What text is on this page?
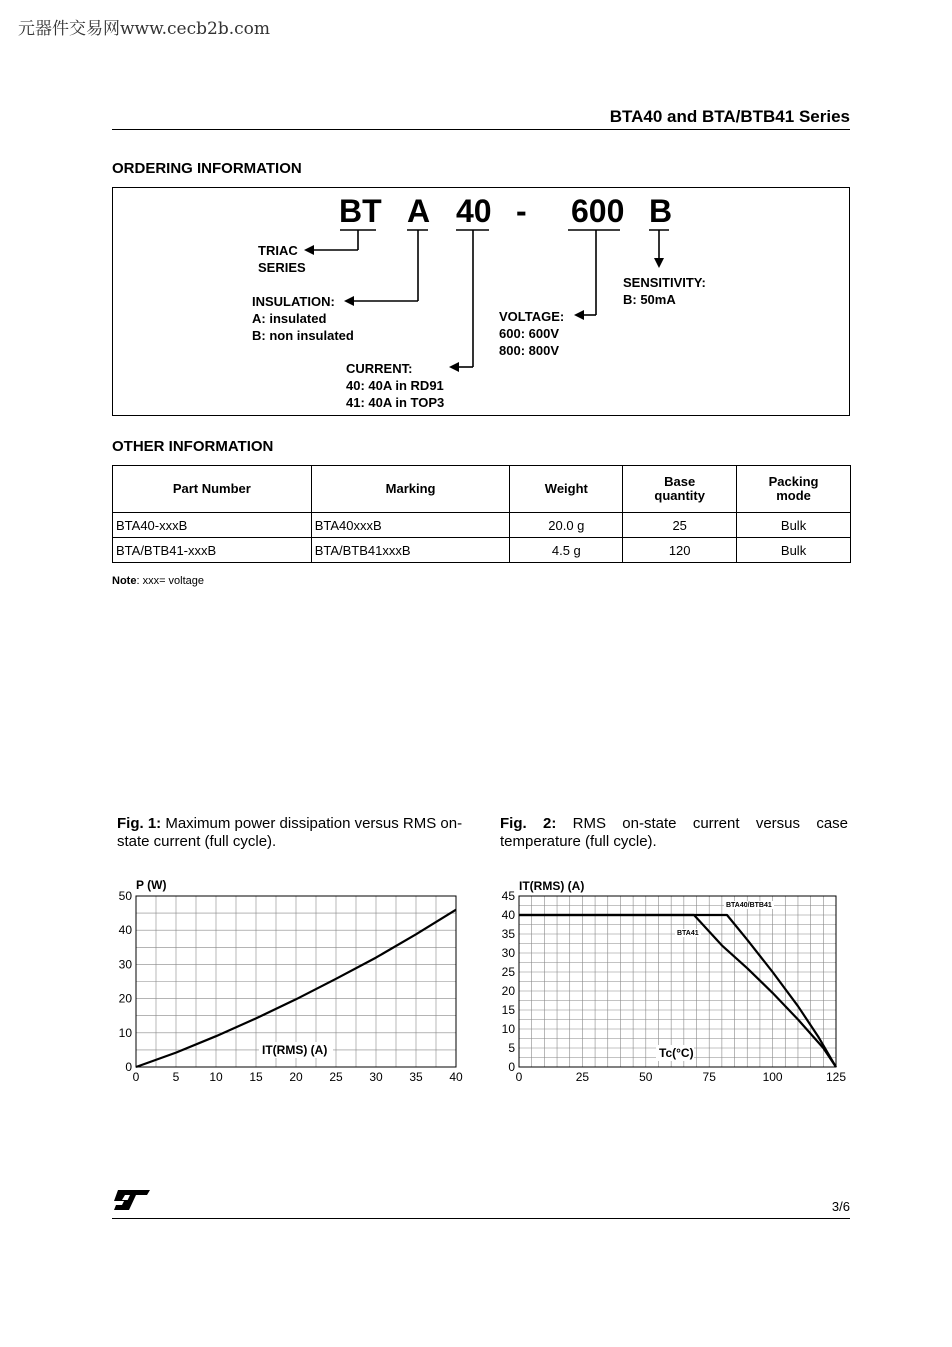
元器件交易网www.cecb2b.com
BTA40 and BTA/BTB41 Series
ORDERING INFORMATION
BT A 40 - 600 B
TRIAC
SERIES
INSULATION:
A: insulated
B: non insulated
CURRENT:
40: 40A in RD91
41: 40A in TOP3
VOLTAGE:
600: 600V
800: 800V
SENSITIVITY:
B: 50mA
OTHER INFORMATION
Part Number	Marking	Weight	Base quantity	Packing mode

BTA40-xxxB	BTA40xxxB	20.0 g	25	Bulk
BTA/BTB41-xxxB	BTA/BTB41xxxB	4.5 g	120	Bulk
Note: xxx= voltage
Fig. 1: Maximum power dissipation versus RMS on-state current (full cycle).
Fig. 2: RMS on-state current versus case temperature (full cycle).
0	5 10 15 20 25 30 35 40
0
10
20
30
40
50
P (W)
IT(RMS) (A)
0	25	50	75	100	125
0
5
10
15
20
25
30
35
40
45
IT(RMS) (A)
Tc(°C)
BTA40/BTB41
BTA41
3/6
